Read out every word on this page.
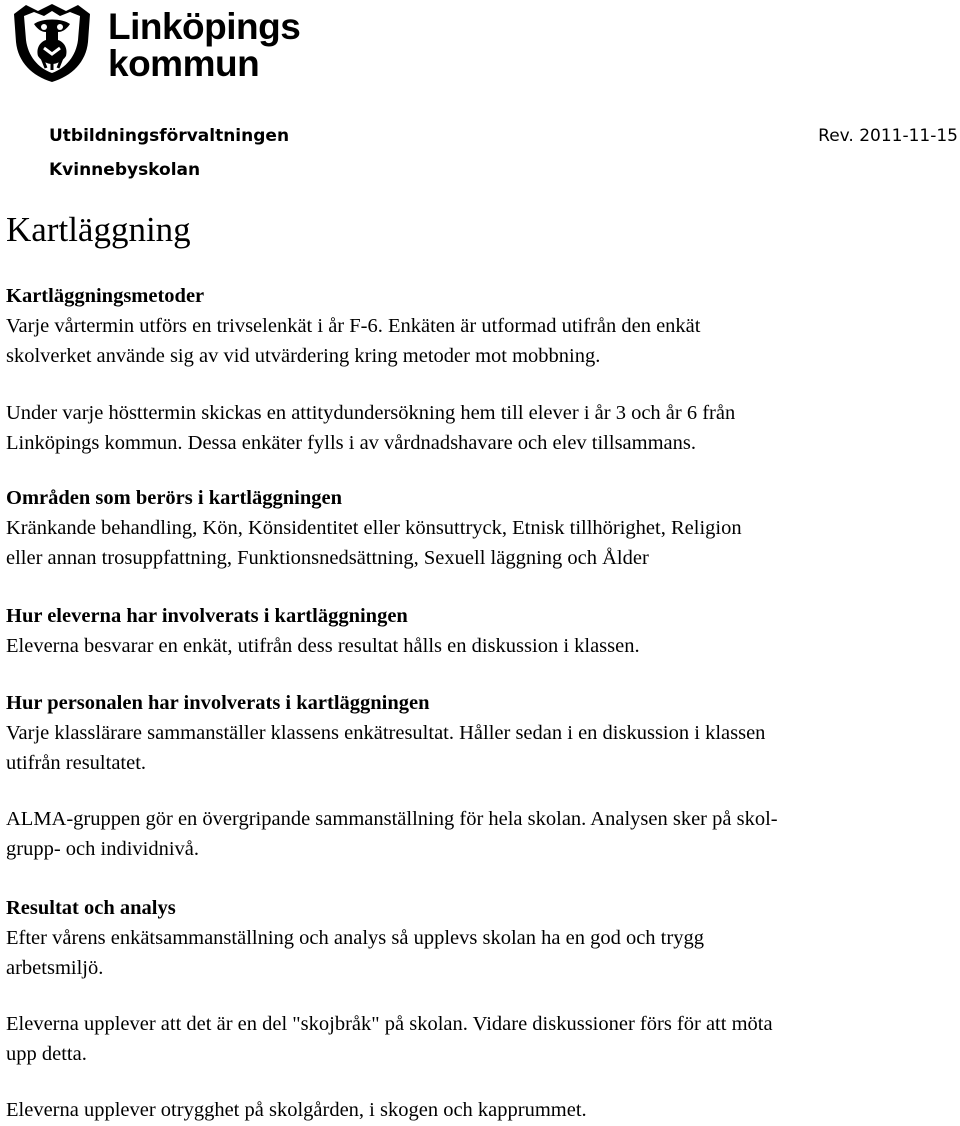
Linköpings
kommun
Utbildningsförvaltningen	Rev. 2011-11-15
Kvinnebyskolan
Kartläggning

Kartläggningsmetoder

Varje vårtermin utförs en trivselenkät i år F-6. Enkäten är utformad utifrån den enkät

skolverket använde sig av vid utvärdering kring metoder mot mobbning.

Under varje hösttermin skickas en attitydundersökning hem till elever i år 3 och år 6 från

Linköpings kommun. Dessa enkäter fylls i av vårdnadshavare och elev tillsammans.

Områden som berörs i kartläggningen

Kränkande behandling, Kön, Könsidentitet eller könsuttryck, Etnisk tillhörighet, Religion

eller annan trosuppfattning, Funktionsnedsättning, Sexuell läggning och Ålder

Hur eleverna har involverats i kartläggningen

Eleverna besvarar en enkät, utifrån dess resultat hålls en diskussion i klassen.

Hur personalen har involverats i kartläggningen

Varje klasslärare sammanställer klassens enkätresultat. Håller sedan i en diskussion i klassen

utifrån resultatet.

ALMA-gruppen gör en övergripande sammanställning för hela skolan. Analysen sker på skol-

grupp- och individnivå.

Resultat och analys

Efter vårens enkätsammanställning och analys så upplevs skolan ha en god och trygg

arbetsmiljö.

Eleverna upplever att det är en del "skojbråk" på skolan. Vidare diskussioner förs för att möta

upp detta.

Eleverna upplever otrygghet på skolgården, i skogen och kapprummet.
